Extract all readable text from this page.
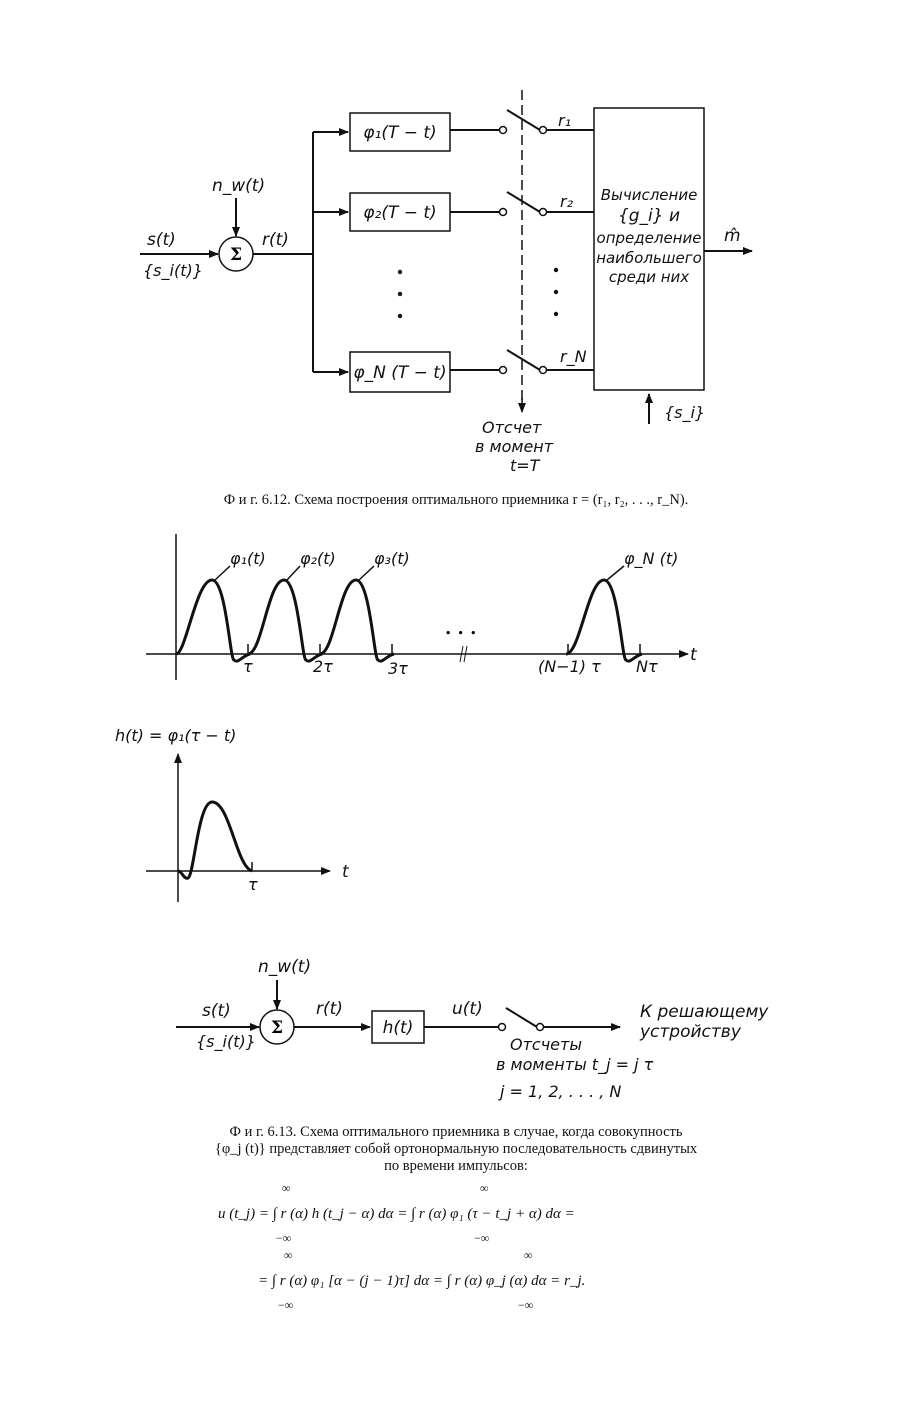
s(t)
{s_i(t)}
n_w(t)
Σ
r(t)
φ₁(T − t)
φ₂(T − t)
φ_N (T − t)
r₁
r₂
r_N
Отсчет
в момент
t=T
Вычисление
{g_i} и
определение
наибольшего
среди них
m̂
{s_i}
Ф и г. 6.12. Схема построения оптимального приемника r = (r₁, r₂, . . ., r_N).
φ₁(t) φ₂(t) φ₃(t)	φ_N (t)
τ	2τ	3τ	(N−1) τ Nτ
. . .
t
h(t) = φ₁(τ − t)
τ
t
n_w(t)
s(t)
{s_i(t)}
Σ
r(t)
h(t)
u(t)	К решающему
устройству
Отсчеты
в моменты t_j = j τ
j = 1, 2, . . . , N
Ф и г. 6.13. Схема оптимального приемника в случае, когда совокупность
{φ_j (t)} представляет собой ортонормальную последовательность сдвинутых
по времени импульсов:
u (t_j) = ∫ r (α) h (t_j − α) dα = ∫ r (α) φ₁ (τ − t_j + α) dα =
= ∫ r (α) φ₁ [α − (j − 1)τ] dα = ∫ r (α) φ_j (α) dα = r_j.
∞
−∞
∞
−∞
∞
−∞
∞
−∞
